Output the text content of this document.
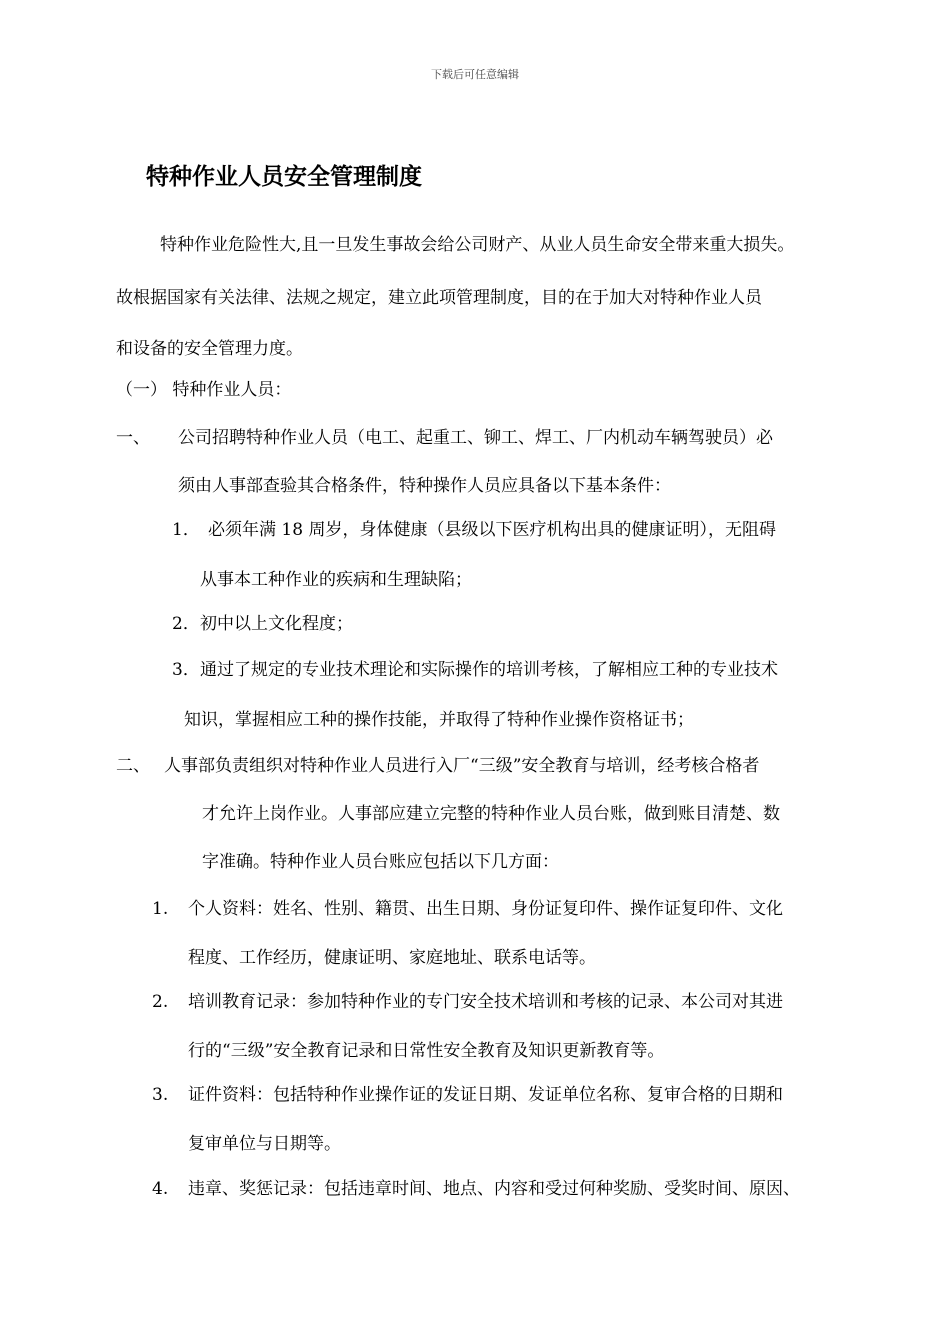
下载后可任意编辑
特种作业人员安全管理制度
特种作业危险性大,且一旦发生事故会给公司财产、从业人员生命安全带来重大损失。
故根据国家有关法律、法规之规定，建立此项管理制度，目的在于加大对特种作业人员
和设备的安全管理力度。
（一） 特种作业人员：
一、 公司招聘特种作业人员（电工、起重工、铆工、焊工、厂内机动车辆驾驶员）必
须由人事部查验其合格条件，特种操作人员应具备以下基本条件：
1． 必须年满 18 周岁，身体健康（县级以下医疗机构出具的健康证明），无阻碍
从事本工种作业的疾病和生理缺陷；
2． 初中以上文化程度；
3． 通过了规定的专业技术理论和实际操作的培训考核，了解相应工种的专业技术
知识，掌握相应工种的操作技能，并取得了特种作业操作资格证书；
二、 人事部负责组织对特种作业人员进行入厂“三级”安全教育与培训，经考核合格者
才允许上岗作业。人事部应建立完整的特种作业人员台账，做到账目清楚、数
字准确。特种作业人员台账应包括以下几方面：
1. 个人资料：姓名、性别、籍贯、出生日期、身份证复印件、操作证复印件、文化
程度、工作经历，健康证明、家庭地址、联系电话等。
2. 培训教育记录：参加特种作业的专门安全技术培训和考核的记录、本公司对其进
行的“三级”安全教育记录和日常性安全教育及知识更新教育等。
3. 证件资料：包括特种作业操作证的发证日期、发证单位名称、复审合格的日期和
复审单位与日期等。
4. 违章、奖惩记录：包括违章时间、地点、内容和受过何种奖励、受奖时间、原因、
